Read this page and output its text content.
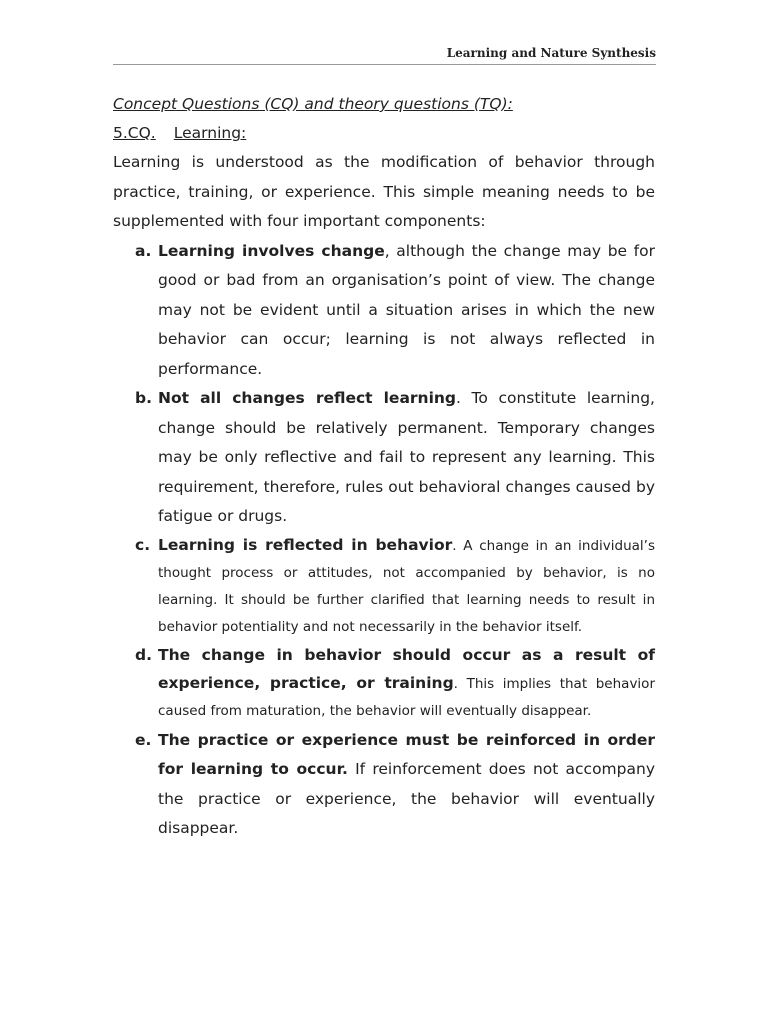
Learning and Nature Synthesis
Concept Questions (CQ) and theory questions (TQ):
5.CQ. Learning:

Learning is understood as the modification of behavior through practice, training, or experience. This simple meaning needs to be supplemented with four important components:

a. Learning involves change, although the change may be for good or bad from an organisation’s point of view. The change may not be evident until a situation arises in which the new behavior can occur; learning is not always reflected in performance.
b. Not all changes reflect learning. To constitute learning, change should be relatively permanent. Temporary changes may be only reflective and fail to represent any learning. This requirement, therefore, rules out behavioral changes caused by fatigue or drugs.
c. Learning is reflected in behavior. A change in an individual’s thought process or attitudes, not accompanied by behavior, is no learning. It should be further clarified that learning needs to result in behavior potentiality and not necessarily in the behavior itself.
d. The change in behavior should occur as a result of experience, practice, or training. This implies that behavior caused from maturation, the behavior will eventually disappear.
e. The practice or experience must be reinforced in order for learning to occur. If reinforcement does not accompany the practice or experience, the behavior will eventually disappear.
